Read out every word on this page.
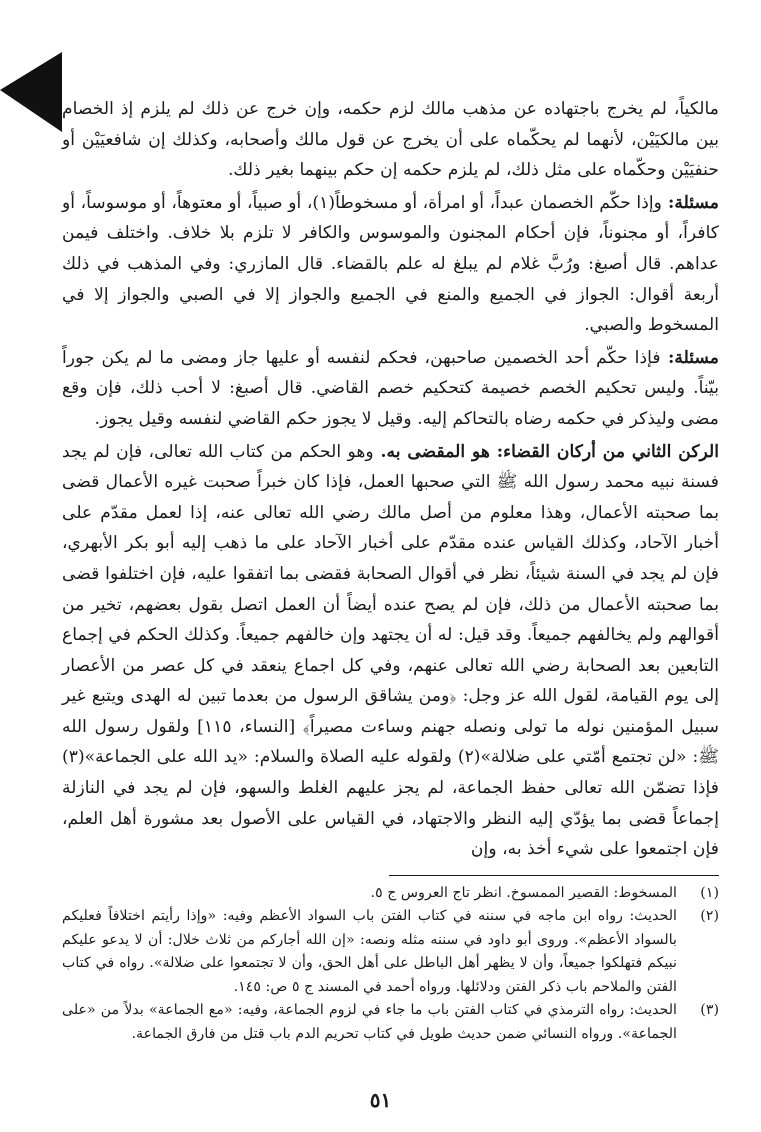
مالكياً، لم يخرج باجتهاده عن مذهب مالك لزم حكمه، وإن خرج عن ذلك لم يلزم إذ الخصام بين مالكيَيْن، لأنهما لم يحكّماه على أن يخرج عن قول مالك وأصحابه، وكذلك إن شافعيَيْن أو حنفيَيْن وحكّماه على مثل ذلك، لم يلزم حكمه إن حكم بينهما بغير ذلك.

مسئلة: وإذا حكّم الخصمان عبداً، أو امرأة، أو مسخوطاً(١)، أو صبياً، أو معتوهاً، أو موسوساً، أو كافراً، أو مجنوناً، فإن أحكام المجنون والموسوس والكافر لا تلزم بلا خلاف. واختلف فيمن عداهم. قال أصبغ: ورُبَّ غلام لم يبلغ له علم بالقضاء. قال المازري: وفي المذهب في ذلك أربعة أقوال: الجواز في الجميع والمنع في الجميع والجواز إلا في الصبي والجواز إلا في المسخوط والصبي.

مسئلة: فإذا حكّم أحد الخصمين صاحبهن، فحكم لنفسه أو عليها جاز ومضى ما لم يكن جوراً بيّناً. وليس تحكيم الخصم خصيمة كتحكيم خصم القاضي. قال أصبغ: لا أحب ذلك، فإن وقع مضى وليذكر في حكمه رضاه بالتحاكم إليه. وقيل لا يجوز حكم القاضي لنفسه وقيل يجوز.

الركن الثاني من أركان القضاء: هو المقضى به. وهو الحكم من كتاب الله تعالى، فإن لم يجد فسنة نبيه محمد رسول الله ﷺ التي صحبها العمل، فإذا كان خبراً صحبت غيره الأعمال قضى بما صحبته الأعمال، وهذا معلوم من أصل مالك رضي الله تعالى عنه، إذا لعمل مقدّم على أخبار الآحاد، وكذلك القياس عنده مقدّم على أخبار الآحاد على ما ذهب إليه أبو بكر الأبهري، فإن لم يجد في السنة شيئاً، نظر في أقوال الصحابة فقضى بما اتفقوا عليه، فإن اختلفوا قضى بما صحبته الأعمال من ذلك، فإن لم يصح عنده أيضاً أن العمل اتصل بقول بعضهم، تخير من أقوالهم ولم يخالفهم جميعاً. وقد قيل: له أن يجتهد وإن خالفهم جميعاً. وكذلك الحكم في إجماع التابعين بعد الصحابة رضي الله تعالى عنهم، وفي كل اجماع ينعقد في كل عصر من الأعصار إلى يوم القيامة، لقول الله عز وجل: ﴿ومن يشاقق الرسول من بعدما تبين له الهدى ويتبع غير سبيل المؤمنين نوله ما تولى ونصله جهنم وساءت مصيراً﴾ [النساء، ١١٥] ولقول رسول الله ﷺ: «لن تجتمع أمّتي على ضلالة»(٢) ولقوله عليه الصلاة والسلام: «يد الله على الجماعة»(٣) فإذا تضمّن الله تعالى حفظ الجماعة، لم يجز عليهم الغلط والسهو، فإن لم يجد في النازلة إجماعاً قضى بما يؤدّي إليه النظر والاجتهاد، في القياس على الأصول بعد مشورة أهل العلم، فإن اجتمعوا على شيء أخذ به، وإن

(١)
المسخوط: القصير الممسوخ. انظر تاج العروس ج ٥.
(٢)
الحديث: رواه ابن ماجه في سننه في كتاب الفتن باب السواد الأعظم وفيه: «وإذا رأيتم اختلافاً فعليكم بالسواد الأعظم». وروى أبو داود في سننه مثله ونصه: «إن الله أجاركم من ثلاث خلال: أن لا يدعو عليكم نبيكم فتهلكوا جميعاً، وأن لا يظهر أهل الباطل على أهل الحق، وأن لا تجتمعوا على ضلالة». رواه في كتاب الفتن والملاحم باب ذكر الفتن ودلائلها. ورواه أحمد في المسند ج ٥ ص: ١٤٥.
(٣)
الحديث: رواه الترمذي في كتاب الفتن باب ما جاء في لزوم الجماعة، وفيه: «مع الجماعة» بدلاً من «على الجماعة». ورواه النسائي ضمن حديث طويل في كتاب تحريم الدم باب قتل من فارق الجماعة.
٥١
